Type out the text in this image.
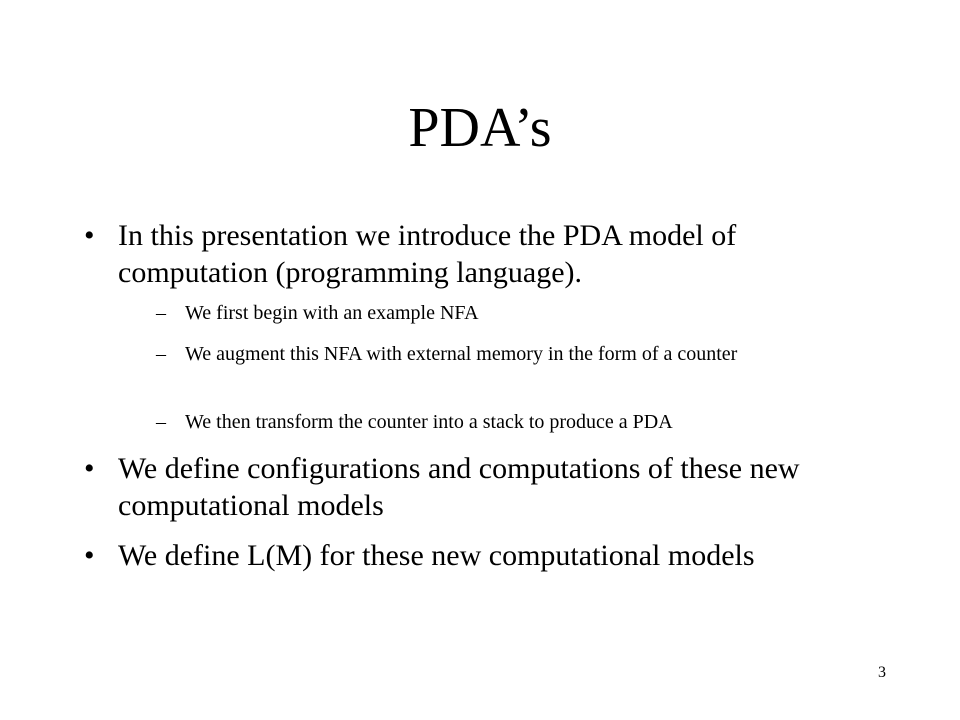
PDA’s
• In this presentation we introduce the PDA model of computation (programming language).
– We first begin with an example NFA
– We augment this NFA with external memory in the form of a counter
– We then transform the counter into a stack to produce a PDA
• We define configurations and computations of these new computational models
• We define L(M) for these new computational models
3
